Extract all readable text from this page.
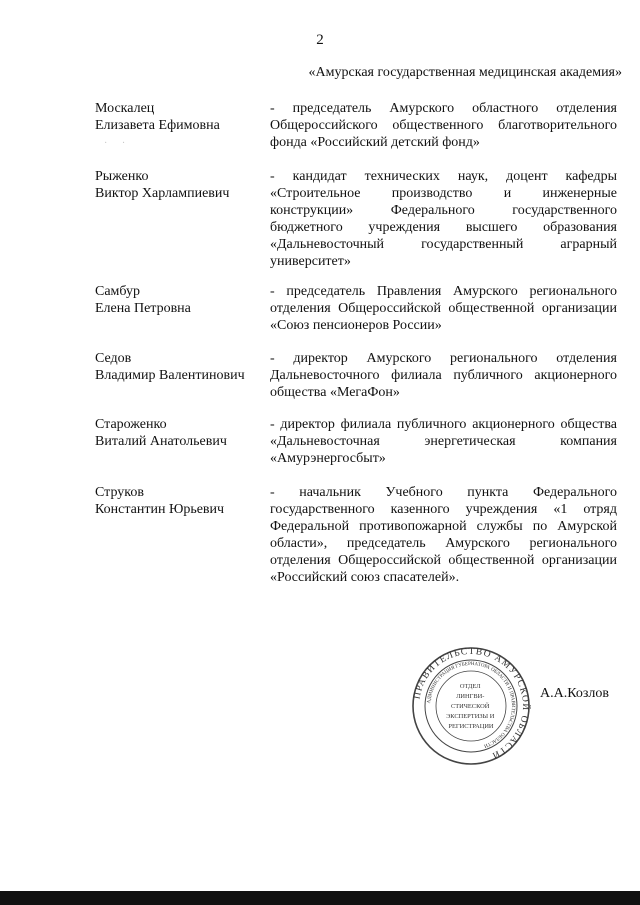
2
«Амурская государственная медицинская академия»
Москалец
Елизавета Ефимовна

- председатель Амурского областного отделения Общероссийского общественного благотворительного фонда «Российский детский фонд»

· ·
Рыженко
Виктор Харлампиевич

- кандидат технических наук, доцент кафедры «Строительное производство и инженерные конструкции» Федерального государственного бюджетного учреждения высшего образования «Дальневосточный государственный аграрный университет»

Самбур
Елена Петровна

- председатель Правления Амурского регионального отделения Общероссийской общественной организации «Союз пенсионеров России»

Седов
Владимир Валентинович

- директор Амурского регионального отделения Дальневосточного филиала публичного акционерного общества «МегаФон»

Староженко
Виталий Анатольевич

- директор филиала публичного акционерного общества «Дальневосточная энергетическая компания «Амурэнергосбыт»

Струков
Константин Юрьевич

- начальник Учебного пункта Федерального государственного казенного учреждения «1 отряд Федеральной противопожарной службы по Амурской области», председатель Амурского регионального отделения Общероссийской общественной организации «Российский союз спасателей».

ПРАВИТЕЛЬСТВО АМУРСКОЙ ОБЛАСТИ
АДМИНИСТРАЦИЯ ГУБЕРНАТОРА ОБЛАСТИ И ПРАВИТЕЛЬСТВА ОБЛАСТИ
ОТДЕЛ ЛИНГВИ- СТИЧЕСКОЙ ЭКСПЕРТИЗЫ И РЕГИСТРАЦИИ
А.А.Козлов
